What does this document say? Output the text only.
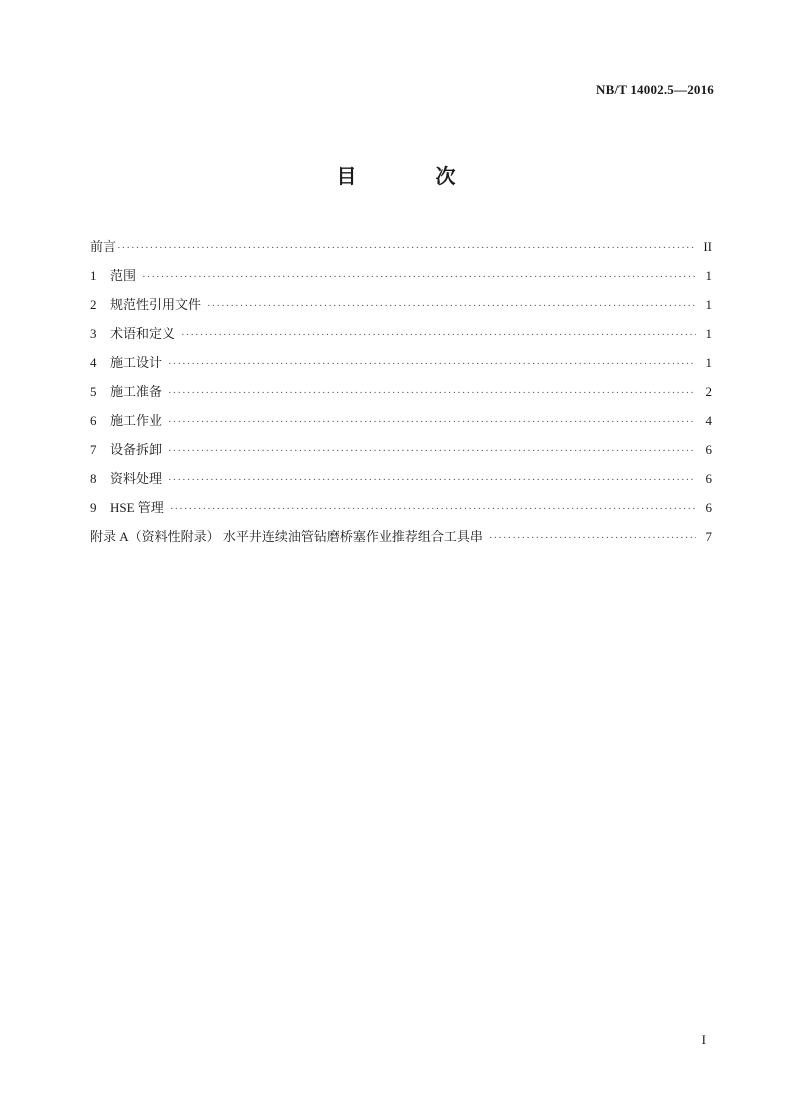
NB/T 14002.5—2016
目 次
前言 ·····	II
1 范围 ·····	1
2 规范性引用文件 ·····	1
3 术语和定义 ·····	1
4 施工设计 ·····	1
5 施工准备 ·····	2
6 施工作业 ·····	4
7 设备拆卸 ·····	6
8 资料处理 ·····	6
9 HSE 管理 ·····	6
附录 A（资料性附录） 水平井连续油管钻磨桥塞作业推荐组合工具串 ·····	7
I
